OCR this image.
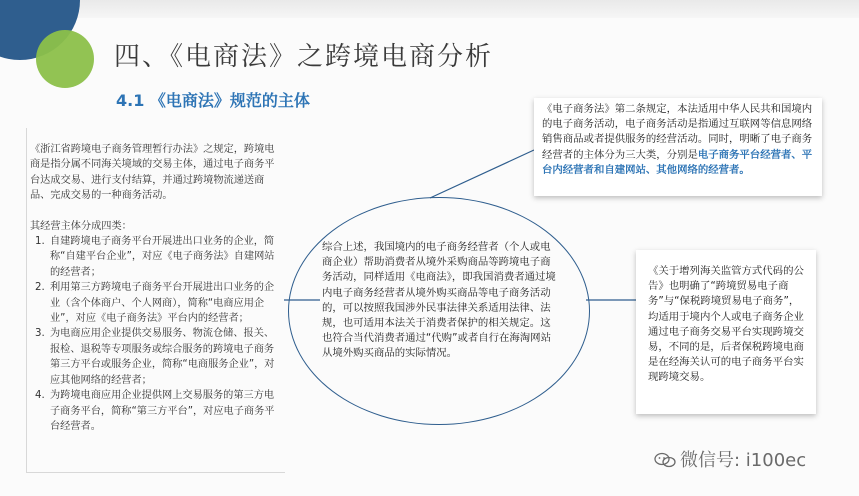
四、《电商法》之跨境电商分析
4.1 《电商法》规范的主体

《浙江省跨境电子商务管理暂行办法》之规定，跨境电商是指分属不同海关境域的交易主体，通过电子商务平台达成交易、进行支付结算，并通过跨境物流递送商品、完成交易的一种商务活动。

其经营主体分成四类：

1. 自建跨境电子商务平台开展进出口业务的企业，简称“自建平台企业”，对应《电子商务法》自建网站的经营者；
2. 利用第三方跨境电子商务平台开展进出口业务的企业（含个体商户、个人网商），简称“电商应用企业”，对应《电子商务法》平台内的经营者；
3. 为电商应用企业提供交易服务、物流仓储、报关、报检、退税等专项服务或综合服务的跨境电子商务第三方平台或服务企业，简称“电商服务企业”，对应其他网络的经营者；
4. 为跨境电商应用企业提供网上交易服务的第三方电子商务平台，简称“第三方平台”，对应电子商务平台经营者。
综合上述，我国境内的电子商务经营者（个人或电商企业）帮助消费者从境外采购商品等跨境电子商务活动，同样适用《电商法》，即我国消费者通过境内电子商务经营者从境外购买商品等电子商务活动的，可以按照我国涉外民事法律关系适用法律、法规，也可适用本法关于消费者保护的相关规定。这也符合当代消费者通过“代购”或者自行在海淘网站从境外购买商品的实际情况。
《电子商务法》第二条规定，本法适用中华人民共和国境内的电子商务活动，电子商务活动是指通过互联网等信息网络销售商品或者提供服务的经营活动。同时，明晰了电子商务经营者的主体分为三大类，分别是电子商务平台经营者、平台内经营者和自建网站、其他网络的经营者。
《关于增列海关监管方式代码的公告》也明确了“跨境贸易电子商务”与“保税跨境贸易电子商务”，均适用于境内个人或电子商务企业通过电子商务交易平台实现跨境交易，不同的是，后者保税跨境电商是在经海关认可的电子商务平台实现跨境交易。
微信号: i100ec
